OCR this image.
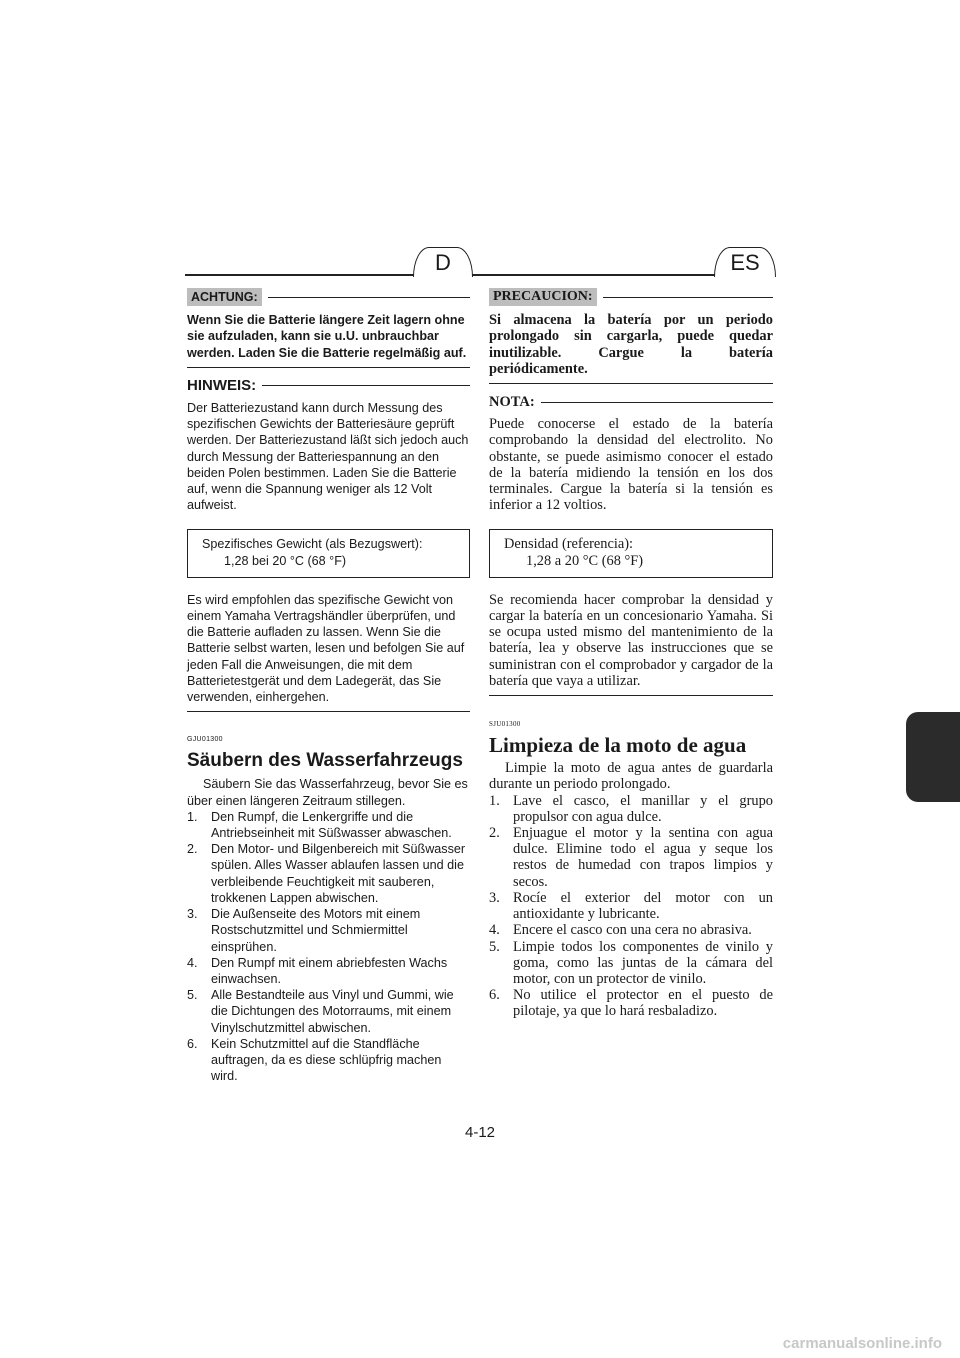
D	ES
ACHTUNG:

Wenn Sie die Batterie längere Zeit lagern ohne sie aufzuladen, kann sie u.U. unbrauchbar werden. Laden Sie die Batterie regelmäßig auf.

HINWEIS:

Der Batteriezustand kann durch Messung des spezifischen Gewichts der Batteriesäure geprüft werden. Der Batteriezustand läßt sich jedoch auch durch Messung der Batteriespannung an den beiden Polen bestimmen. Laden Sie die Batterie auf, wenn die Spannung weniger als 12 Volt aufweist.

Spezifisches Gewicht (als Bezugswert):
1,28 bei 20 °C (68 °F)

Es wird empfohlen das spezifische Gewicht von einem Yamaha Vertragshändler überprüfen, und die Batterie aufladen zu lassen. Wenn Sie die Batterie selbst warten, lesen und befolgen Sie auf jeden Fall die Anweisungen, die mit dem Batterietestgerät und dem Ladegerät, das Sie verwenden, einhergehen.

GJU01300
Säubern des Wasserfahrzeugs

Säubern Sie das Wasserfahrzeug, bevor Sie es über einen längeren Zeitraum stillegen.

1.	Den Rumpf, die Lenkergriffe und die Antriebseinheit mit Süßwasser abwaschen.
2.	Den Motor- und Bilgenbereich mit Süßwasser spülen. Alles Wasser ablaufen lassen und die verbleibende Feuchtigkeit mit sauberen, trokkenen Lappen abwischen.
3.	Die Außenseite des Motors mit einem Rostschutzmittel und Schmiermittel einsprühen.
4.	Den Rumpf mit einem abriebfesten Wachs einwachsen.
5.	Alle Bestandteile aus Vinyl und Gummi, wie die Dichtungen des Motorraums, mit einem Vinylschutzmittel abwischen.
6.	Kein Schutzmittel auf die Standfläche auftragen, da es diese schlüpfrig machen wird.
PRECAUCION:

Si almacena la batería por un periodo prolongado sin cargarla, puede quedar inutilizable. Cargue la batería periódicamente.

NOTA:

Puede conocerse el estado de la batería comprobando la densidad del electrolito. No obstante, se puede asimismo conocer el estado de la batería midiendo la tensión en los dos terminales. Cargue la batería si la tensión es inferior a 12 voltios.

Densidad (referencia):
1,28 a 20 °C (68 °F)

Se recomienda hacer comprobar la densidad y cargar la batería en un concesionario Yamaha. Si se ocupa usted mismo del mantenimiento de la batería, lea y observe las instrucciones que se suministran con el comprobador y cargador de la batería que vaya a utilizar.

SJU01300
Limpieza de la moto de agua

Limpie la moto de agua antes de guardarla durante un periodo prolongado.

1. Lave el casco, el manillar y el grupo propulsor con agua dulce.
2. Enjuague el motor y la sentina con agua dulce. Elimine todo el agua y seque los restos de humedad con trapos limpios y secos.
3. Rocíe el exterior del motor con un antioxidante y lubricante.
4. Encere el casco con una cera no abrasiva.
5. Limpie todos los componentes de vinilo y goma, como las juntas de la cámara del motor, con un protector de vinilo.
6. No utilice el protector en el puesto de pilotaje, ya que lo hará resbaladizo.
4-12
carmanualsonline.info
